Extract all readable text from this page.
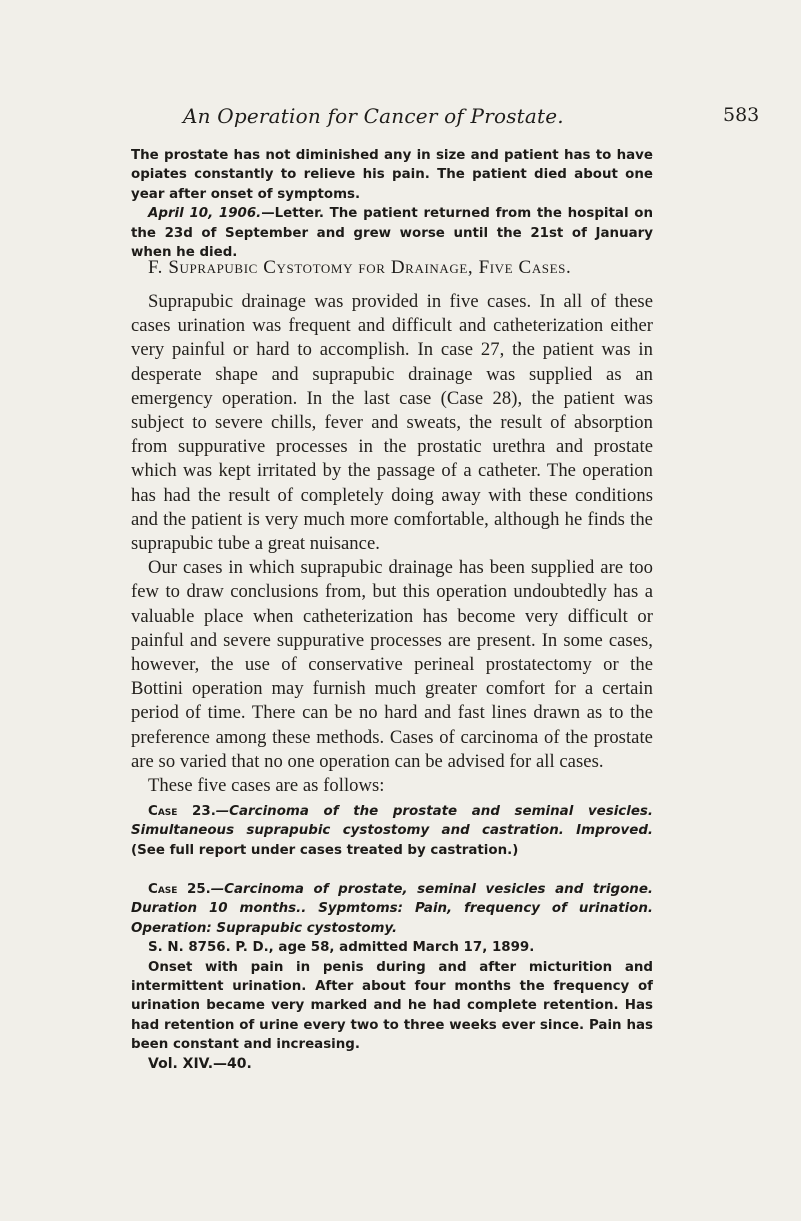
An Operation for Cancer of Prostate.	583

The prostate has not diminished any in size and patient has to have opiates constantly to relieve his pain. The patient died about one year after onset of symptoms.

April 10, 1906.—Letter. The patient returned from the hospital on the 23d of September and grew worse until the 21st of January when he died.

F. Suprapubic Cystotomy for Drainage, Five Cases.

Suprapubic drainage was provided in five cases. In all of these cases urination was frequent and difficult and catheterization either very painful or hard to accomplish. In case 27, the patient was in desperate shape and suprapubic drainage was supplied as an emergency operation. In the last case (Case 28), the patient was subject to severe chills, fever and sweats, the result of absorption from suppurative processes in the prostatic urethra and prostate which was kept irritated by the passage of a catheter. The operation has had the result of completely doing away with these conditions and the patient is very much more comfortable, although he finds the suprapubic tube a great nuisance.

Our cases in which suprapubic drainage has been supplied are too few to draw conclusions from, but this operation undoubtedly has a valuable place when catheterization has become very difficult or painful and severe suppurative processes are present. In some cases, however, the use of conservative perineal prostatectomy or the Bottini operation may furnish much greater comfort for a certain period of time. There can be no hard and fast lines drawn as to the preference among these methods. Cases of carcinoma of the prostate are so varied that no one operation can be advised for all cases.

These five cases are as follows:

Case 23.—Carcinoma of the prostate and seminal vesicles. Simultaneous suprapubic cystostomy and castration. Improved. (See full report under cases treated by castration.)

Case 25.—Carcinoma of prostate, seminal vesicles and trigone. Duration 10 months.. Sypmtoms: Pain, frequency of urination. Operation: Suprapubic cystostomy.

S. N. 8756. P. D., age 58, admitted March 17, 1899.

Onset with pain in penis during and after micturition and intermittent urination. After about four months the frequency of urination became very marked and he had complete retention. Has had retention of urine every two to three weeks ever since. Pain has been constant and increasing.

Vol. XIV.—40.
